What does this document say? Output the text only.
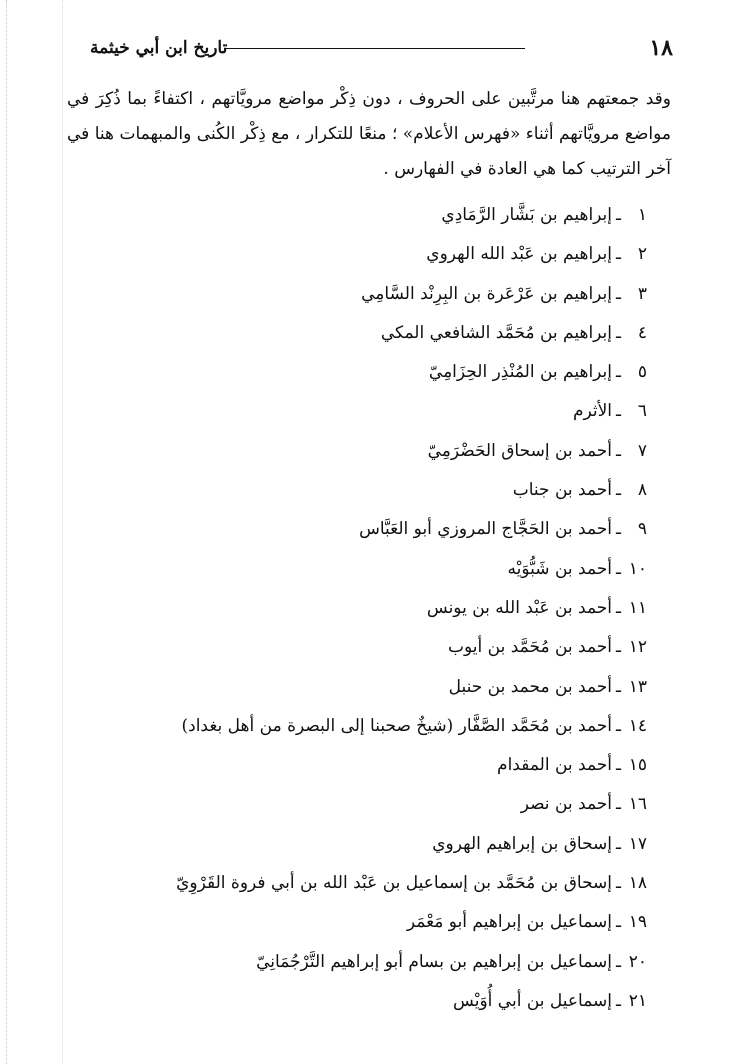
١٨
تاريخ ابن أبي خيثمة

وقد جمعتهم هنا مرتَّبين على الحروف ، دون ذِكْر مواضع مرويَّاتهم ، اكتفاءً بما ذُكِرَ في مواضع مرويَّاتهم أثناء «فهرس الأعلام» ؛ منعًا للتكرار ، مع ذِكْر الكُنى والمبهمات هنا في آخر الترتيب كما هي العادة في الفهارس .

١ـإبراهيم بن بَشَّار الرَّمَادِي
٢ـإبراهيم بن عَبْد الله الهروي
٣ـإبراهيم بن عَرْعَرة بن البِرِنْد السَّامِي
٤ـإبراهيم بن مُحَمَّد الشافعي المكي
٥ـإبراهيم بن المُنْذِر الحِزَامِيّ
٦ـالأثرم
٧ـأحمد بن إسحاق الحَضْرَمِيّ
٨ـأحمد بن جناب
٩ـأحمد بن الحَجَّاج المروزي أبو العَبَّاس
١٠ـأحمد بن شَبُّوَيْه
١١ـأحمد بن عَبْد الله بن يونس
١٢ـأحمد بن مُحَمَّد بن أيوب
١٣ـأحمد بن محمد بن حنبل
١٤ـأحمد بن مُحَمَّد الصَّفَّار (شيخٌ صحبنا إلى البصرة من أهل بغداد)
١٥ـأحمد بن المقدام
١٦ـأحمد بن نصر
١٧ـإسحاق بن إبراهيم الهروي
١٨ـإسحاق بن مُحَمَّد بن إسماعيل بن عَبْد الله بن أبي فروة القَرْوِيّ
١٩ـإسماعيل بن إبراهيم أبو مَعْمَر
٢٠ـإسماعيل بن إبراهيم بن بسام أبو إبراهيم التَّرْجُمَانِيّ
٢١ـإسماعيل بن أبي أُوَيْس
